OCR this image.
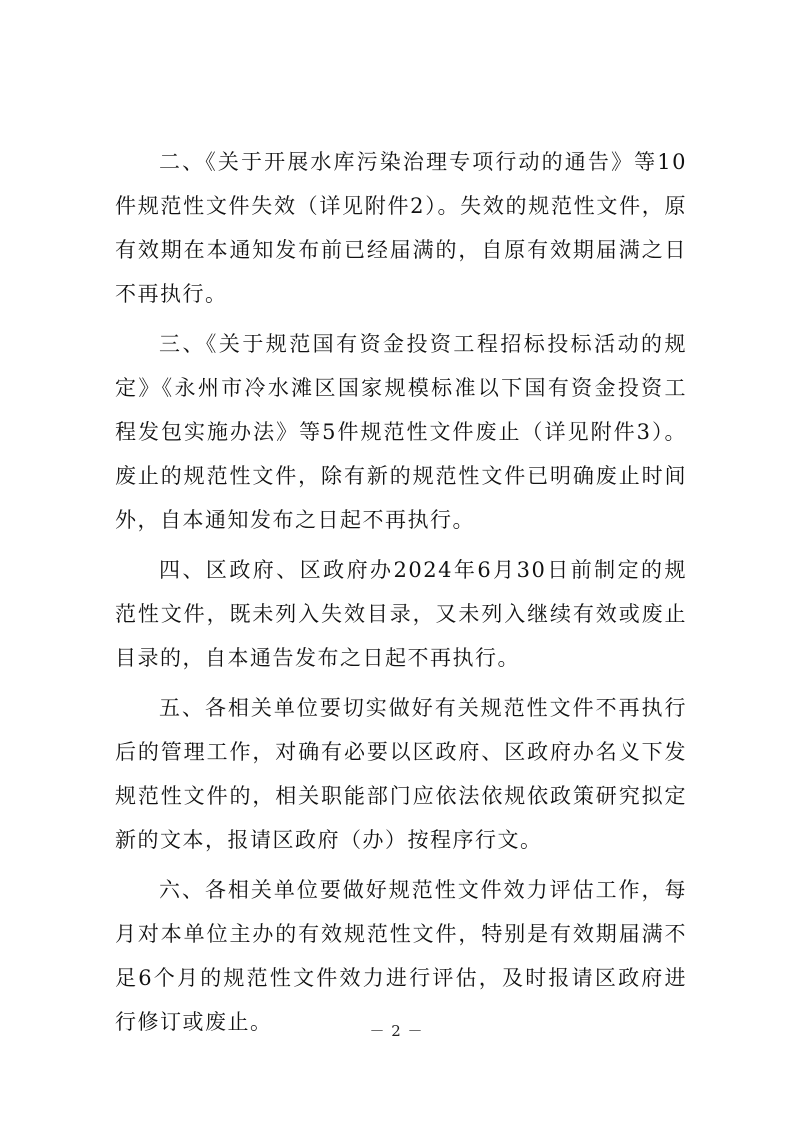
二、《关于开展水库污染治理专项行动的通告》等10件规范性文件失效（详见附件2）。失效的规范性文件，原有效期在本通知发布前已经届满的，自原有效期届满之日不再执行。

三、《关于规范国有资金投资工程招标投标活动的规定》《永州市冷水滩区国家规模标准以下国有资金投资工程发包实施办法》等5件规范性文件废止（详见附件3）。废止的规范性文件，除有新的规范性文件已明确废止时间外，自本通知发布之日起不再执行。

四、区政府、区政府办2024年6月30日前制定的规范性文件，既未列入失效目录，又未列入继续有效或废止目录的，自本通告发布之日起不再执行。

五、各相关单位要切实做好有关规范性文件不再执行后的管理工作，对确有必要以区政府、区政府办名义下发规范性文件的，相关职能部门应依法依规依政策研究拟定新的文本，报请区政府（办）按程序行文。

六、各相关单位要做好规范性文件效力评估工作，每月对本单位主办的有效规范性文件，特别是有效期届满不足6个月的规范性文件效力进行评估，及时报请区政府进行修订或废止。	－ 2 －
